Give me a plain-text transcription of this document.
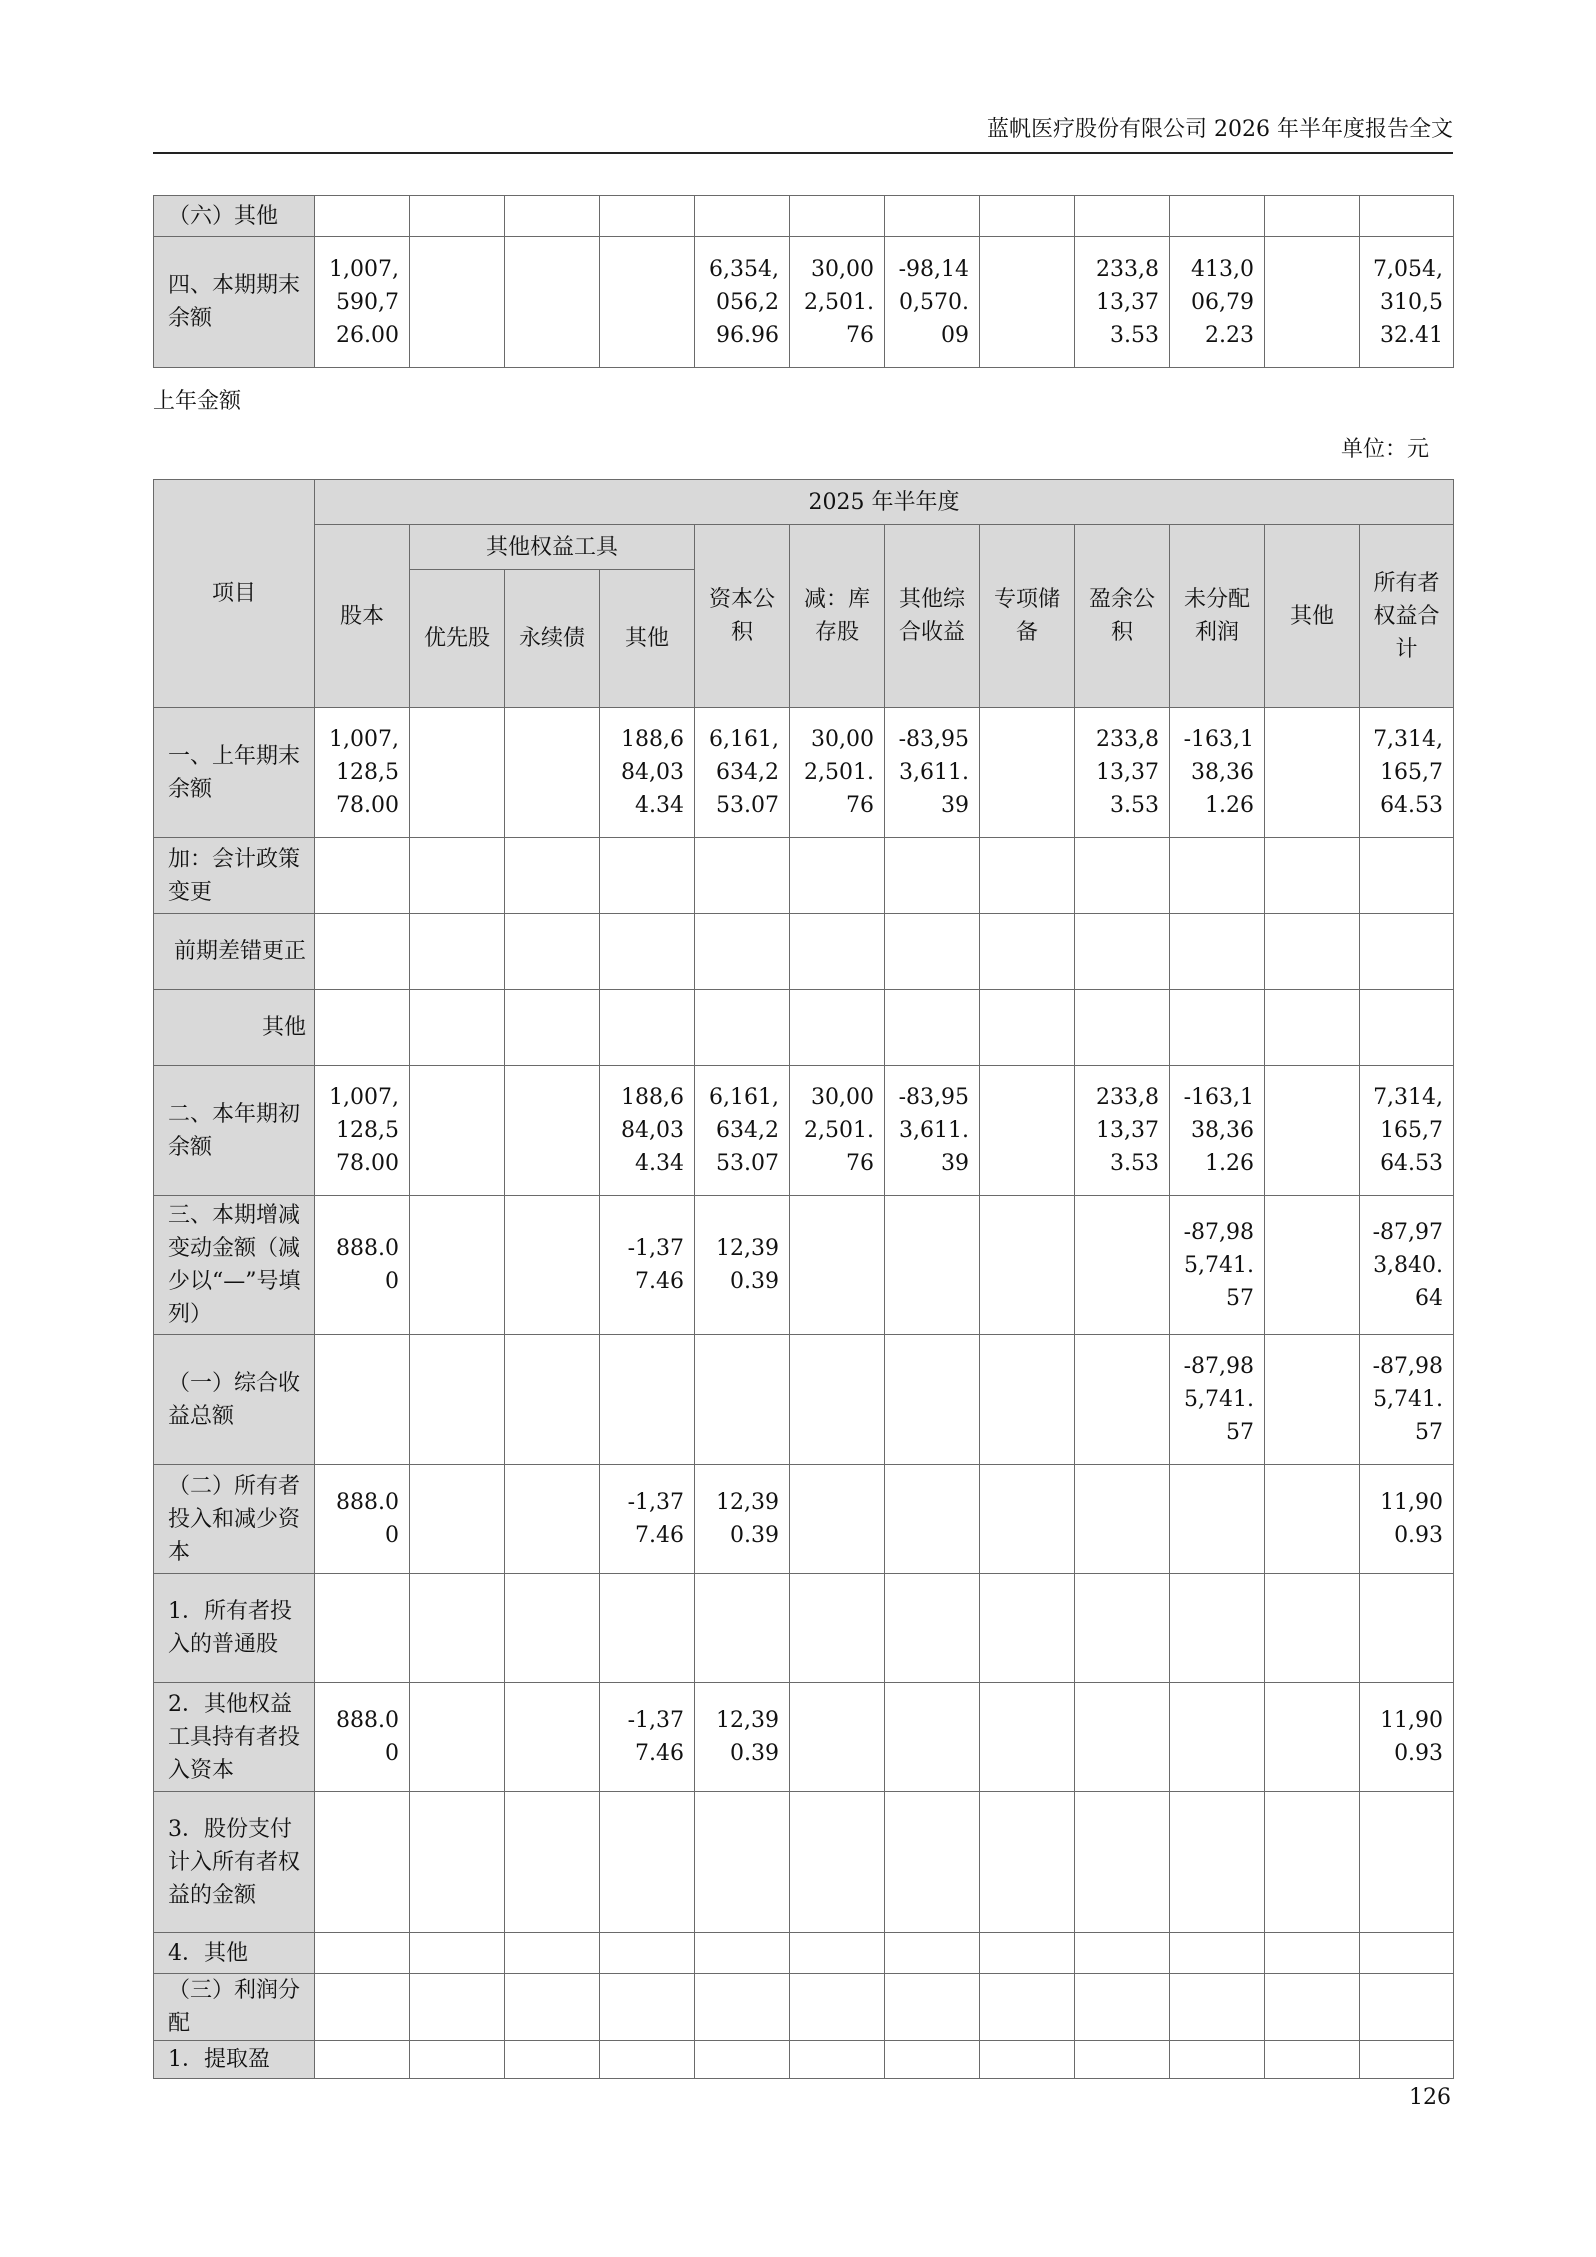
蓝帆医疗股份有限公司 2026 年半年度报告全文
（六）其他												
四、本期期末余额	1,007,590,726.00				6,354,056,296.96	30,002,501.76	-98,140,570.09		233,813,373.53	413,006,792.23		7,054,310,532.41
上年金额
单位：元
项目	2025 年半年度											
	股本	其他权益工具			资本公积	减：库存股	其他综合收益	专项储备	盈余公积	未分配利润	其他	所有者权益合计
		优先股	永续债	其他								
一、上年期末余额	1,007,128,578.00			188,684,034.34	6,161,634,253.07	30,002,501.76	-83,953,611.39		233,813,373.53	-163,138,361.26		7,314,165,764.53
加：会计政策变更												
前期差错更正												
其他												
二、本年期初余额	1,007,128,578.00			188,684,034.34	6,161,634,253.07	30,002,501.76	-83,953,611.39		233,813,373.53	-163,138,361.26		7,314,165,764.53
三、本期增减变动金额（减少以“—”号填列）	888.00			-1,377.46	12,390.39					-87,985,741.57		-87,973,840.64
（一）综合收益总额										-87,985,741.57		-87,985,741.57
（二）所有者投入和减少资本	888.00			-1,377.46	12,390.39							11,900.93
1．所有者投入的普通股												
2．其他权益工具持有者投入资本	888.00			-1,377.46	12,390.39							11,900.93
3．股份支付计入所有者权益的金额												
4．其他												
（三）利润分配												
1．提取盈												
126
